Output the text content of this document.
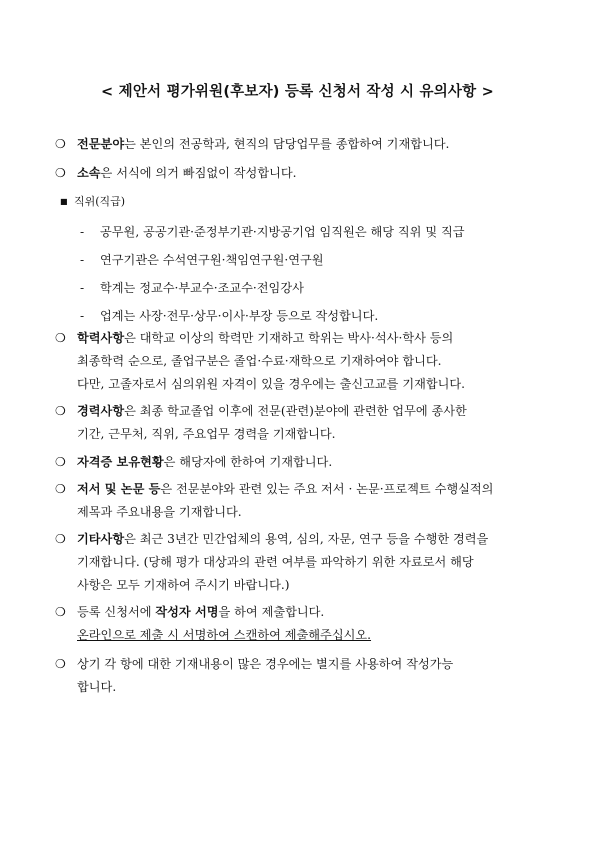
< 제안서 평가위원(후보자) 등록 신청서 작성 시 유의사항 >
❍ 전문분야는 본인의 전공학과, 현직의 담당업무를 종합하여 기재합니다.
❍ 소속은 서식에 의거 빠짐없이 작성합니다.
■ 직위(직급)
-	공무원, 공공기관·준정부기관·지방공기업 임직원은 해당 직위 및 직급
-	연구기관은 수석연구원·책임연구원·연구원
-	학계는 정교수·부교수·조교수·전임강사
-	업계는 사장·전무·상무·이사·부장 등으로 작성합니다.
❍ 학력사항은 대학교 이상의 학력만 기재하고 학위는 박사·석사·학사 등의
최종학력 순으로, 졸업구분은 졸업·수료·재학으로 기재하여야 합니다.
다만, 고졸자로서 심의위원 자격이 있을 경우에는 출신고교를 기재합니다.
❍ 경력사항은 최종 학교졸업 이후에 전문(관련)분야에 관련한 업무에 종사한
기간, 근무처, 직위, 주요업무 경력을 기재합니다.
❍ 자격증 보유현황은 해당자에 한하여 기재합니다.
❍ 저서 및 논문 등은 전문분야와 관련 있는 주요 저서 · 논문·프로젝트 수행실적의
제목과 주요내용을 기재합니다.
❍ 기타사항은 최근 3년간 민간업체의 용역, 심의, 자문, 연구 등을 수행한 경력을
기재합니다. (당해 평가 대상과의 관련 여부를 파악하기 위한 자료로서 해당
사항은 모두 기재하여 주시기 바랍니다.)
❍ 등록 신청서에 작성자 서명을 하여 제출합니다.
온라인으로 제출 시 서명하여 스캔하여 제출해주십시오.
❍ 상기 각 항에 대한 기재내용이 많은 경우에는 별지를 사용하여 작성가능
합니다.
